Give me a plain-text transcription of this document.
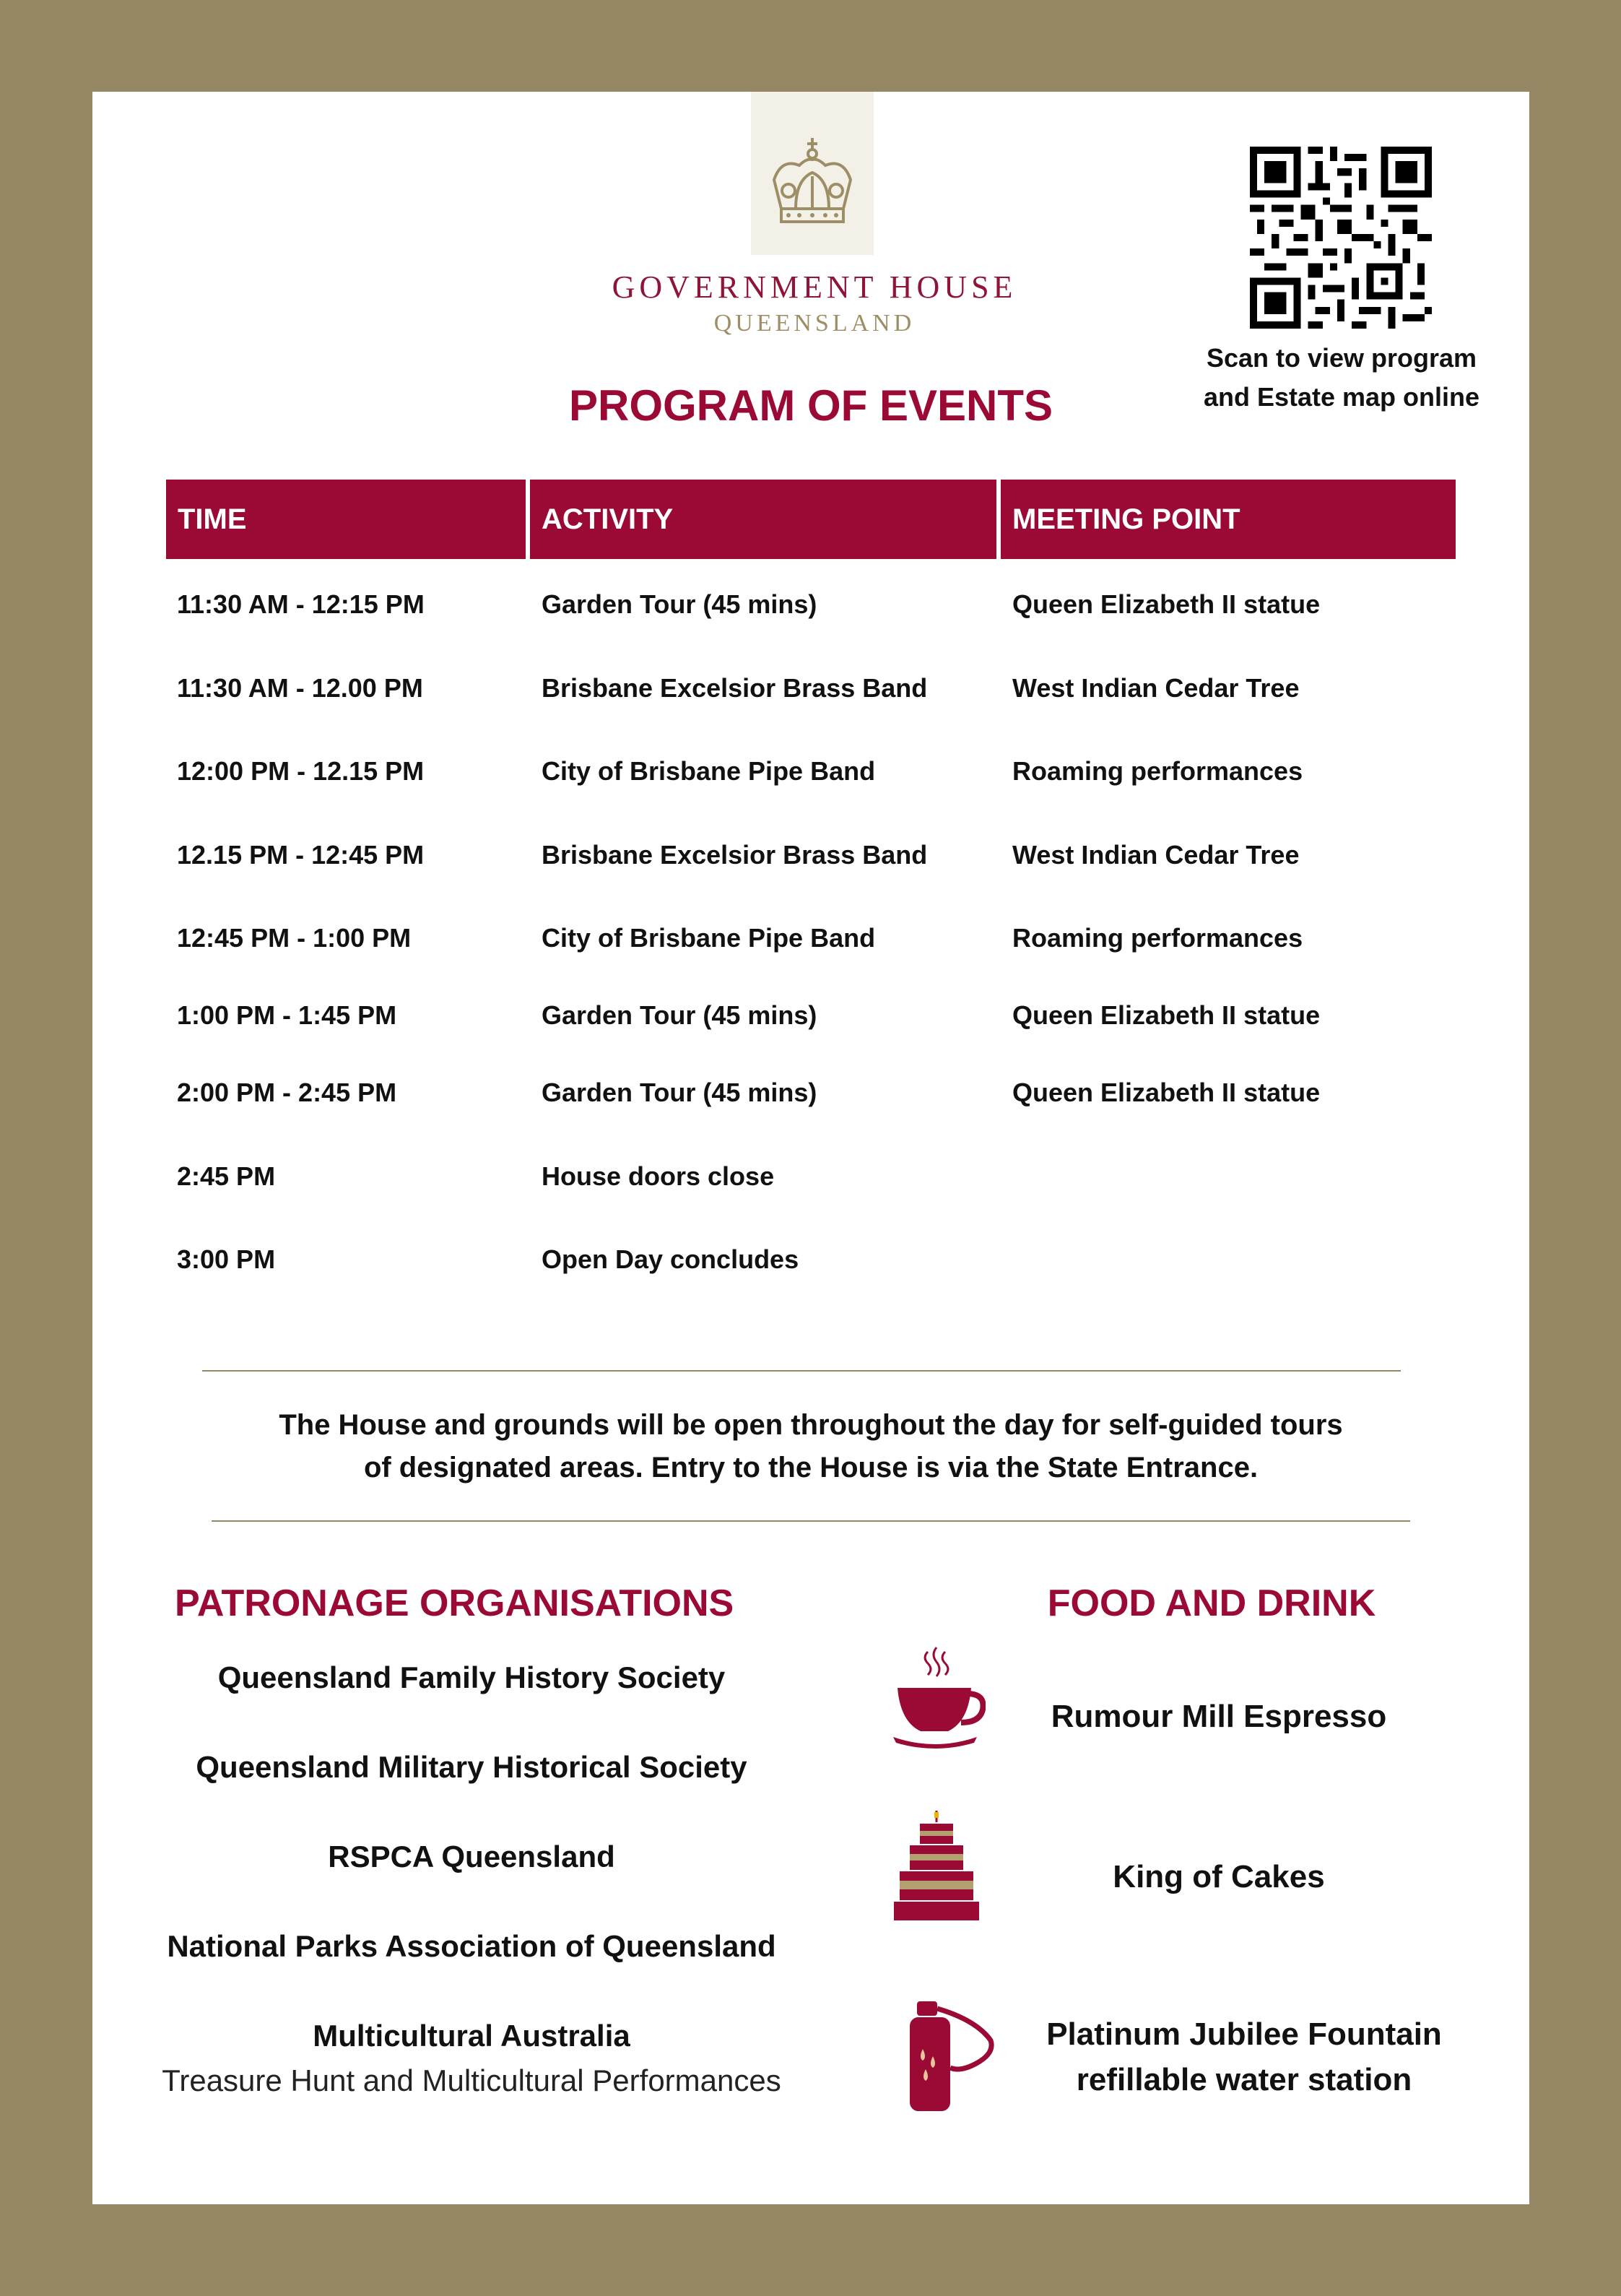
GOVERNMENT HOUSE
QUEENSLAND
Scan to view program
and Estate map online
PROGRAM OF EVENTS
TIME	ACTIVITY	MEETING POINT
11:30 AM - 12:15 PM	Garden Tour (45 mins)	Queen Elizabeth II statue
11:30 AM - 12.00 PM	Brisbane Excelsior Brass Band	West Indian Cedar Tree
12:00 PM - 12.15 PM	City of Brisbane Pipe Band	Roaming performances
12.15 PM - 12:45 PM	Brisbane Excelsior Brass Band	West Indian Cedar Tree
12:45 PM - 1:00 PM	City of Brisbane Pipe Band	Roaming performances
1:00 PM - 1:45 PM	Garden Tour (45 mins)	Queen Elizabeth II statue
2:00 PM - 2:45 PM	Garden Tour (45 mins)	Queen Elizabeth II statue
2:45 PM	House doors close
3:00 PM	Open Day concludes
The House and grounds will be open throughout the day for self-guided tours
of designated areas. Entry to the House is via the State Entrance.
PATRONAGE ORGANISATIONS
Queensland Family History Society
Queensland Military Historical Society
RSPCA Queensland
National Parks Association of Queensland
Multicultural Australia
Treasure Hunt and Multicultural Performances
FOOD AND DRINK
Rumour Mill Espresso
King of Cakes
Platinum Jubilee Fountain
refillable water station
